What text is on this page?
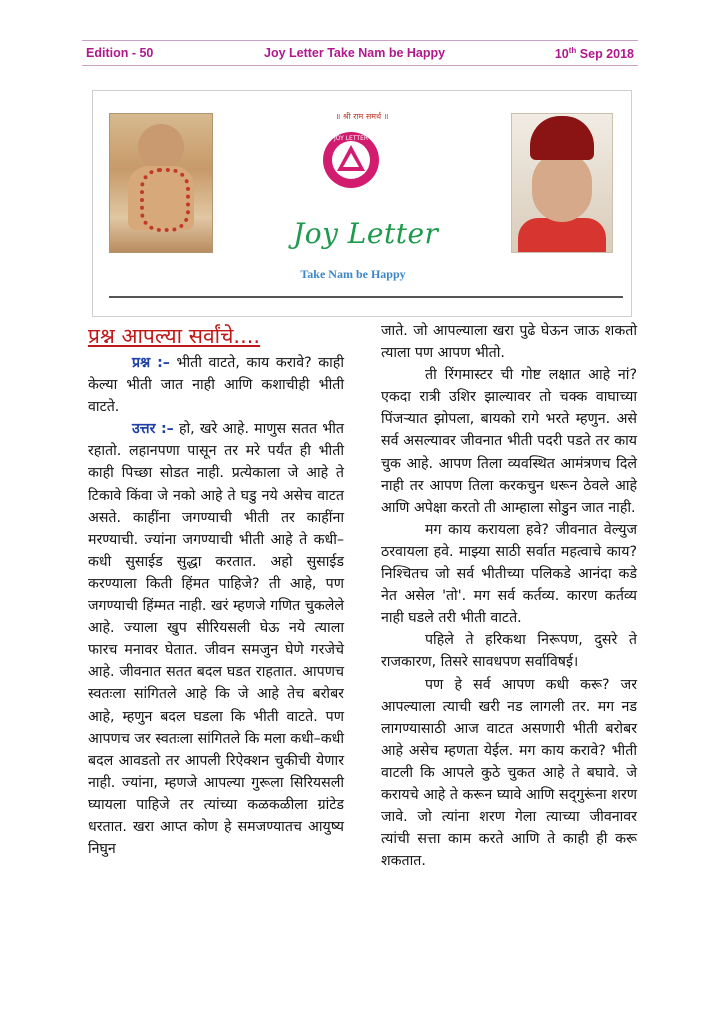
Edition - 50	Joy Letter Take Nam be Happy	10th Sep 2018
॥ श्री राम समर्थ ॥
JOY LETTER
Joy Letter
Take Nam be Happy
प्रश्न आपल्या सर्वांचे....

प्रश्न :– भीती वाटते, काय करावे? काही केल्या भीती जात नाही आणि कशाचीही भीती वाटते.

उत्तर :– हो, खरे आहे. माणुस सतत भीत रहातो. लहानपणा पासून तर मरे पर्यंत ही भीती काही पिच्छा सोडत नाही. प्रत्येकाला जे आहे ते टिकावे किंवा जे नको आहे ते घडु नये असेच वाटत असते. काहींना जगण्याची भीती तर काहींना मरण्याची. ज्यांना जगण्याची भीती आहे ते कधी–कधी सुसाईड सुद्धा करतात. अहो सुसाईड करण्याला किती हिंमत पाहिजे? ती आहे, पण जगण्याची हिंम्मत नाही. खरं म्हणजे गणित चुकलेले आहे. ज्याला खुप सीरियसली घेऊ नये त्याला फारच मनावर घेतात. जीवन समजुन घेणे गरजेचे आहे. जीवनात सतत बदल घडत राहतात. आपणच स्वतःला सांगितले आहे कि जे आहे तेच बरोबर आहे, म्हणुन बदल घडला कि भीती वाटते. पण आपणच जर स्वतःला सांगितले कि मला कधी–कधी बदल आवडतो तर आपली रिऐक्शन चुकीची येणार नाही. ज्यांना, म्हणजे आपल्या गुरूला सिरियसली घ्यायला पाहिजे तर त्यांच्या कळकळीला ग्रांटेड धरतात. खरा आप्त कोण हे समजण्यातच आयुष्य निघुन

जाते. जो आपल्याला खरा पुढे घेऊन जाऊ शकतो त्याला पण आपण भीतो.

ती रिंगमास्टर ची गोष्ट लक्षात आहे नां? एकदा रात्री उशिर झाल्यावर तो चक्क वाघाच्या पिंजऱ्यात झोपला, बायको रागे भरते म्हणुन. असे सर्व असल्यावर जीवनात भीती पदरी पडते तर काय चुक आहे. आपण तिला व्यवस्थित आमंत्रणच दिले नाही तर आपण तिला करकचुन धरून ठेवले आहे आणि अपेक्षा करतो ती आम्हाला सोडुन जात नाही.

मग काय करायला हवे? जीवनात वेल्युज ठरवायला हवे. माझ्या साठी सर्वात महत्वाचे काय? निश्चितच जो सर्व भीतीच्या पलिकडे आनंदा कडे नेत असेल 'तो'. मग सर्व कर्तव्य. कारण कर्तव्य नाही घडले तरी भीती वाटते.

पहिले ते हरिकथा निरूपण, दुसरे ते राजकारण, तिसरे सावधपण सर्वाविषई।

पण हे सर्व आपण कधी करू? जर आपल्याला त्याची खरी नड लागली तर. मग नड लागण्यासाठी आज वाटत असणारी भीती बरोबर आहे असेच म्हणता येईल. मग काय करावे? भीती वाटली कि आपले कुठे चुकत आहे ते बघावे. जे करायचे आहे ते करून घ्यावे आणि सद्‌गुरूंना शरण जावे. जो त्यांना शरण गेला त्याच्या जीवनावर त्यांची सत्ता काम करते आणि ते काही ही करू शकतात.
